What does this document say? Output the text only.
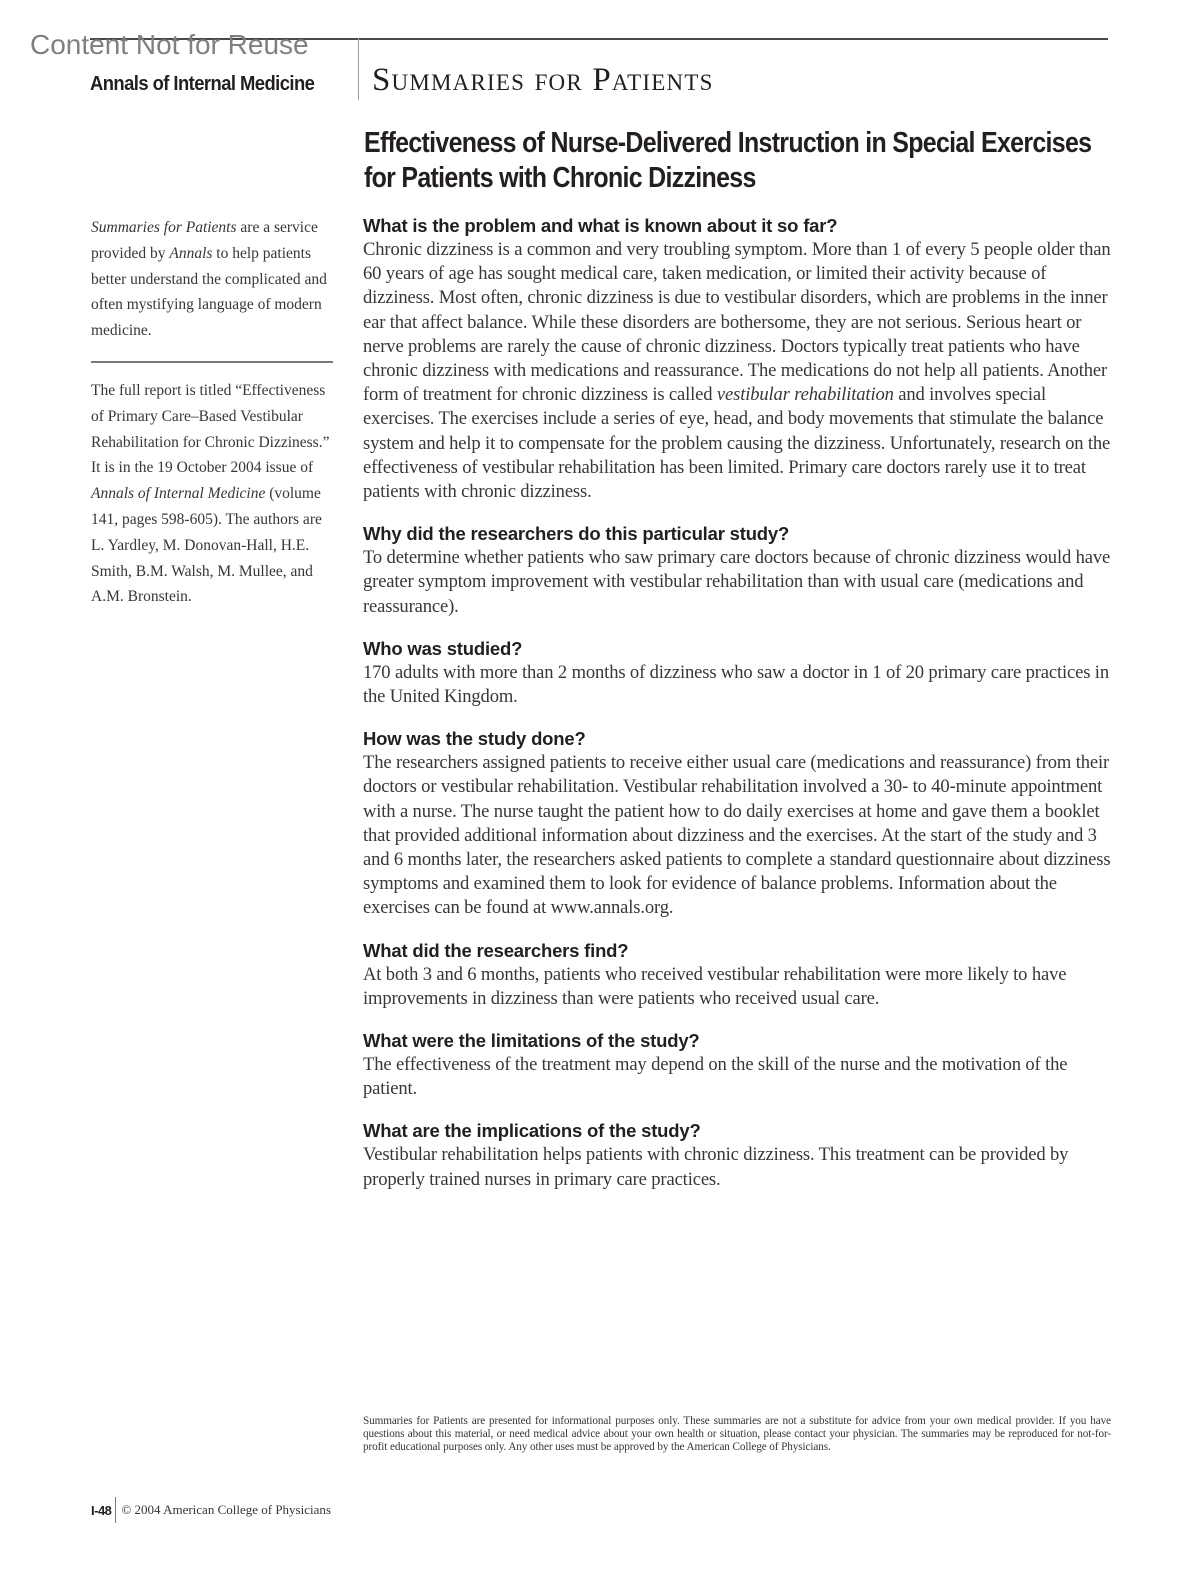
Content Not for Reuse
Annals of Internal Medicine Summaries for Patients
Effectiveness of Nurse-Delivered Instruction in Special Exercises for Patients with Chronic Dizziness
Summaries for Patients are a service provided by Annals to help patients better understand the complicated and often mystifying language of modern medicine.
The full report is titled “Effectiveness of Primary Care–Based Vestibular Rehabilitation for Chronic Dizziness.” It is in the 19 October 2004 issue of Annals of Internal Medicine (volume 141, pages 598-605). The authors are L. Yardley, M. Donovan-Hall, H.E. Smith, B.M. Walsh, M. Mullee, and A.M. Bronstein.
What is the problem and what is known about it so far?

Chronic dizziness is a common and very troubling symptom. More than 1 of every 5 people older than 60 years of age has sought medical care, taken medication, or limited their activity because of dizziness. Most often, chronic dizziness is due to vestibular disorders, which are problems in the inner ear that affect balance. While these disorders are bothersome, they are not serious. Serious heart or nerve problems are rarely the cause of chronic dizziness. Doctors typically treat patients who have chronic dizziness with medications and reassurance. The medications do not help all patients. Another form of treatment for chronic dizziness is called vestibular rehabilitation and involves special exercises. The exercises include a series of eye, head, and body movements that stimulate the balance system and help it to compensate for the problem causing the dizziness. Unfortunately, research on the effectiveness of vestibular rehabilitation has been limited. Primary care doctors rarely use it to treat patients with chronic dizziness.

Why did the researchers do this particular study?

To determine whether patients who saw primary care doctors because of chronic dizziness would have greater symptom improvement with vestibular rehabilitation than with usual care (medications and reassurance).

Who was studied?

170 adults with more than 2 months of dizziness who saw a doctor in 1 of 20 primary care practices in the United Kingdom.

How was the study done?

The researchers assigned patients to receive either usual care (medications and reassurance) from their doctors or vestibular rehabilitation. Vestibular rehabilitation involved a 30- to 40-minute appointment with a nurse. The nurse taught the patient how to do daily exercises at home and gave them a booklet that provided additional information about dizziness and the exercises. At the start of the study and 3 and 6 months later, the researchers asked patients to complete a standard questionnaire about dizziness symptoms and examined them to look for evidence of balance problems. Information about the exercises can be found at www.annals.org.

What did the researchers find?

At both 3 and 6 months, patients who received vestibular rehabilitation were more likely to have improvements in dizziness than were patients who received usual care.

What were the limitations of the study?

The effectiveness of the treatment may depend on the skill of the nurse and the motivation of the patient.

What are the implications of the study?

Vestibular rehabilitation helps patients with chronic dizziness. This treatment can be provided by properly trained nurses in primary care practices.

Summaries for Patients are presented for informational purposes only. These summaries are not a substitute for advice from your own medical provider. If you have questions about this material, or need medical advice about your own health or situation, please contact your physician. The summaries may be reproduced for not-for-profit educational purposes only. Any other uses must be approved by the American College of Physicians.
I-48 © 2004 American College of Physicians
